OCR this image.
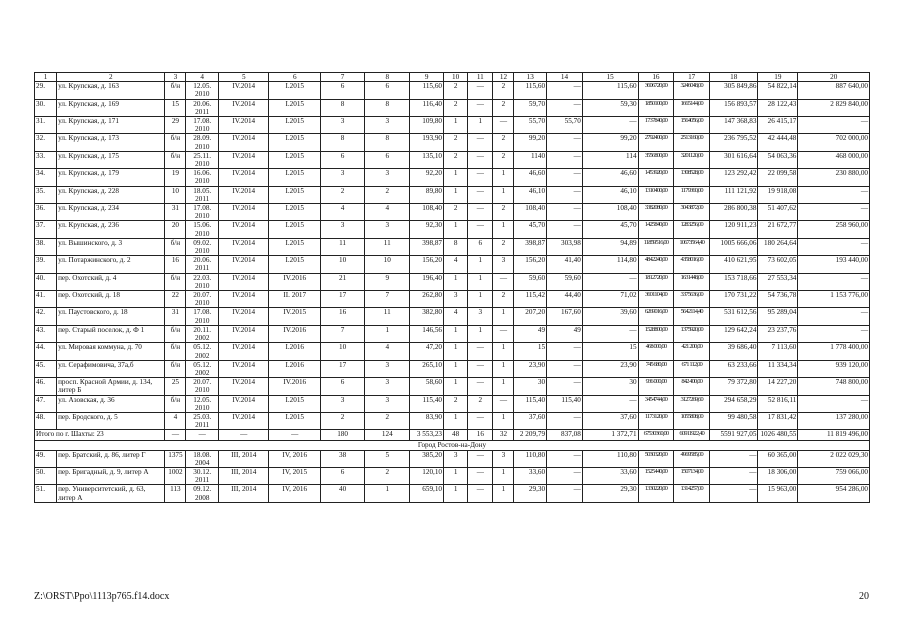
1	2	3	4	5	6	7	8	9	10	11	12	13	14	15	16	17	18	19	20
29.	ул. Крупская, д. 163	б/н	12.05. 2010	IV.2014	I.2015	6	6	115,60	2	—	2	115,60	—	115,60	3606720,00	3246048,00	305 849,86	54 822,14	887 640,00
30.	ул. Крупская, д. 169	15	20.06. 2011	IV.2014	I.2015	8	8	116,40	2	—	2	59,70	—	59,30	1850100,00	1665144,00	156 893,57	28 122,43	2 829 840,00
31.	ул. Крупская, д. 171	29	17.08. 2010	IV.2014	I.2015	3	3	109,80	1	1	—	55,70	55,70	—	1737840,00	1564056,00	147 368,83	26 415,17	—
32.	ул. Крупская, д. 173	б/н	28.09. 2010	IV.2014	I.2015	8	8	193,90	2	—	2	99,20	—	99,20	2792400,00	2513160,00	236 795,52	42 444,48	702 000,00
33.	ул. Крупская, д. 175	б/н	25.11. 2010	IV.2014	I.2015	6	6	135,10	2	—	2	1140	—	114	3556800,00	3201120,00	301 616,64	54 063,36	468 000,00
34.	ул. Крупская, д. 179	19	16.06. 2010	IV.2014	I.2015	3	3	92,20	1	—	1	46,60	—	46,60	1453920,00	1308528,00	123 292,42	22 099,58	230 880,00
35.	ул. Крупская, д. 228	10	18.05. 2011	IV.2014	I.2015	2	2	89,80	1	—	1	46,10	—	46,10	1310400,00	1179360,00	111 121,92	19 918,08	—
36.	ул. Крупская, д. 234	31	17.08. 2010	IV.2014	I.2015	4	4	108,40	2	—	2	108,40	—	108,40	3382080,00	3043872,00	286 800,38	51 407,62	—
37.	ул. Крупская, д. 236	20	15.06. 2010	IV.2014	I.2015	3	3	92,30	1	—	1	45,70	—	45,70	1425840,00	1283256,00	120 911,23	21 672,77	258 960,00
38.	ул. Вышинского, д. 3	б/н	09.02. 2010	IV.2014	I.2015	11	11	398,87	8	6	2	398,87	303,98	94,89	11859516,00	10673564,40	1005 666,06	180 264,64	—
39.	ул. Потаржинского, д. 2	16	20.06. 2011	IV.2014	I.2015	10	10	156,20	4	1	3	156,20	41,40	114,80	4842240,00	4358016,00	410 621,95	73 602,05	193 440,00
40.	пер. Охотский, д. 4	б/н	22.03. 2010	IV.2014	IV.2016	21	9	196,40	1	1	—	59,60	59,60	—	1812720,00	1631448,00	153 718,66	27 553,34	—
41.	пер. Охотский, д. 18	22	20.07. 2010	IV.2014	II. 2017	17	7	262,80	3	1	2	115,42	44,40	71,02	3601104,00	3375636,00	170 731,22	54 736,78	1 153 776,00
42.	ул. Паустовского, д. 18	31	17.08. 2010	IV.2014	IV.2015	16	11	382,80	4	3	1	207,20	167,60	39,60	6269016,00	5642114,40	531 612,56	95 289,04	—
43.	пер. Старый поселок, д. Ф 1	б/н	20.11. 2002	IV.2014	IV.2016	7	1	146,56	1	1	—	49	49	—	1528800,00	1375920,00	129 642,24	23 237,76	—
44.	ул. Мировая коммуна, д. 70	б/н	05.12. 2002	IV.2014	I.2016	10	4	47,20	1	—	1	15	—	15	468 000,00	421 200,00	39 686,40	7 113,60	1 778 400,00
45.	ул. Серафимовича, 37а,б	б/н	05.12. 2002	IV.2014	I.2016	17	3	265,10	1	—	1	23,90	—	23,90	745 680,00	671 112,00	63 233,66	11 334,34	939 120,00
46.	просп. Красной Армии, д. 134, литер Б	25	20.07. 2010	IV.2014	IV.2016	6	3	58,60	1	—	1	30	—	30	936 000,00	842 400,00	79 372,80	14 227,20	748 800,00
47.	ул. Азовская, д. 36	б/н	12.05. 2010	IV.2014	I.2015	3	3	115,40	2	2	—	115,40	115,40	—	3454744,00	3127269,60	294 658,29	52 816,11	—
48.	пер. Бродского, д. 5	4	25.03. 2011	IV.2014	I.2015	2	2	83,90	1	—	1	37,60	—	37,60	1173120,00	1055808,00	99 480,58	17 831,42	137 280,00
Итого по г. Шахты: 23		—	—	—	—	180	124	3 553,23	48	16	32	2 209,79	837,08	1 372,71	67530360,00	60911922,40	5591 927,05	1026 480,55	11 819 496,00
Город Ростов-на-Дону																			
49.	пер. Братский, д. 86, литер Г	1375	18.08. 2004	III, 2014	IV, 2016	38	5	385,20	3	—	3	110,80	—	110,80	5030320,00	4969585,00	—	60 365,00	2 022 029,30
50.	пер. Бригадный, д. 9, литер А	1002	30.12. 2011	III, 2014	IV, 2015	6	2	120,10	1	—	1	33,60	—	33,60	1525440,00	1507134,00	—	18 306,00	759 066,00
51.	пер. Университетский, д. 63, литер А	113	09.12. 2008	III, 2014	IV, 2016	40	1	659,10	1	—	1	29,30	—	29,30	1330220,00	1314257,00	—	15 963,00	954 286,00
Z:\ORST\Ppo\1113p765.f14.docx	20
